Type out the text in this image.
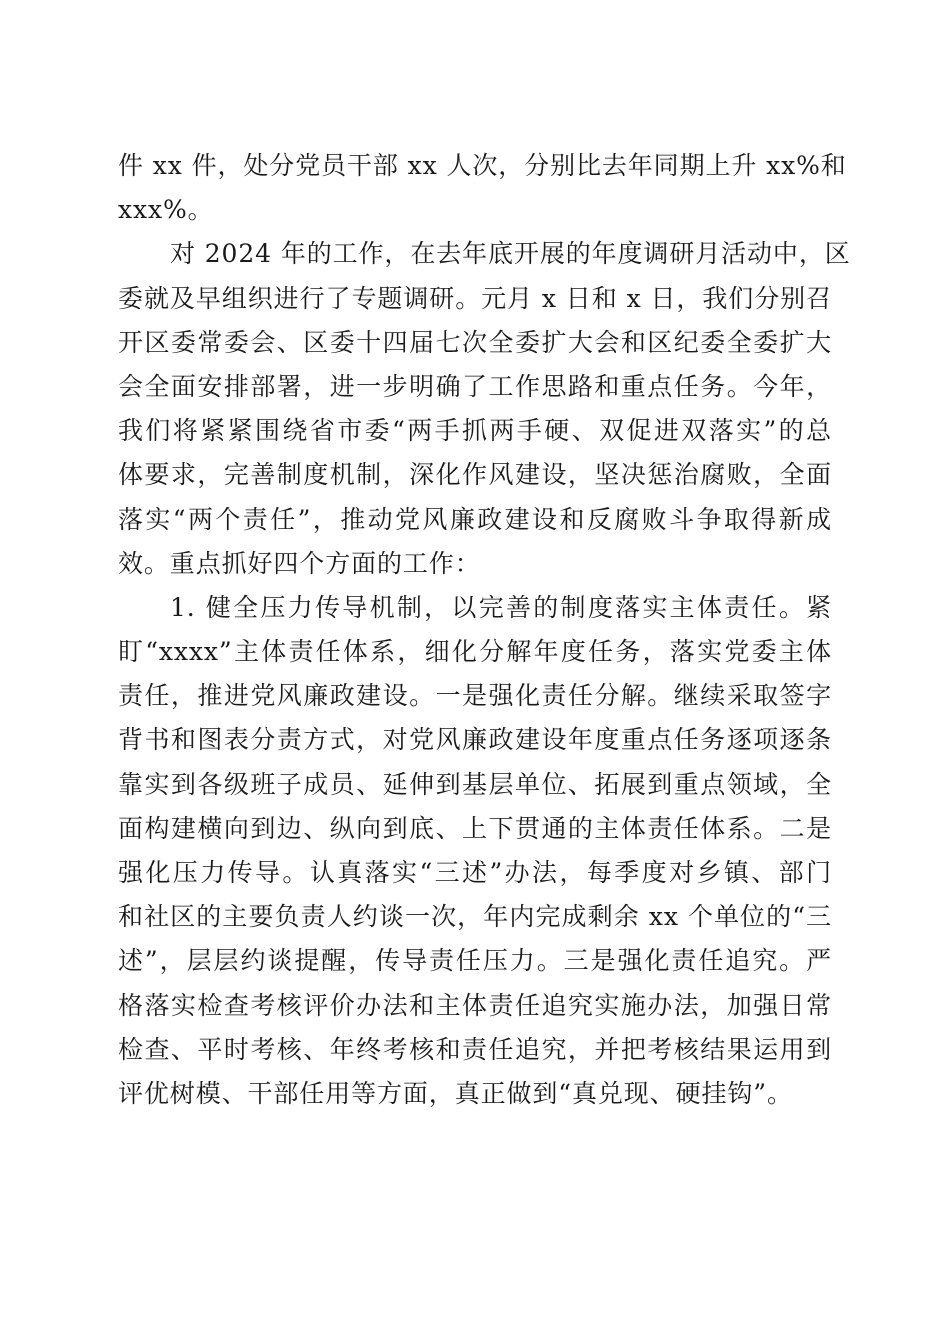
件 xx 件，处分党员干部 xx 人次，分别比去年同期上升 xx%和
xxx%。
对 2024 年的工作，在去年底开展的年度调研月活动中，区
委就及早组织进行了专题调研。元月 x 日和 x 日，我们分别召
开区委常委会、区委十四届七次全委扩大会和区纪委全委扩大
会全面安排部署，进一步明确了工作思路和重点任务。今年，
我们将紧紧围绕省市委“两手抓两手硬、双促进双落实”的总
体要求，完善制度机制，深化作风建设，坚决惩治腐败，全面
落实“两个责任”，推动党风廉政建设和反腐败斗争取得新成
效。重点抓好四个方面的工作：
1. 健全压力传导机制，以完善的制度落实主体责任。紧
盯“xxxx”主体责任体系，细化分解年度任务，落实党委主体
责任，推进党风廉政建设。一是强化责任分解。继续采取签字
背书和图表分责方式，对党风廉政建设年度重点任务逐项逐条
靠实到各级班子成员、延伸到基层单位、拓展到重点领域，全
面构建横向到边、纵向到底、上下贯通的主体责任体系。二是
强化压力传导。认真落实“三述”办法，每季度对乡镇、部门
和社区的主要负责人约谈一次，年内完成剩余 xx 个单位的“三
述”，层层约谈提醒，传导责任压力。三是强化责任追究。严
格落实检查考核评价办法和主体责任追究实施办法，加强日常
检查、平时考核、年终考核和责任追究，并把考核结果运用到
评优树模、干部任用等方面，真正做到“真兑现、硬挂钩”。
